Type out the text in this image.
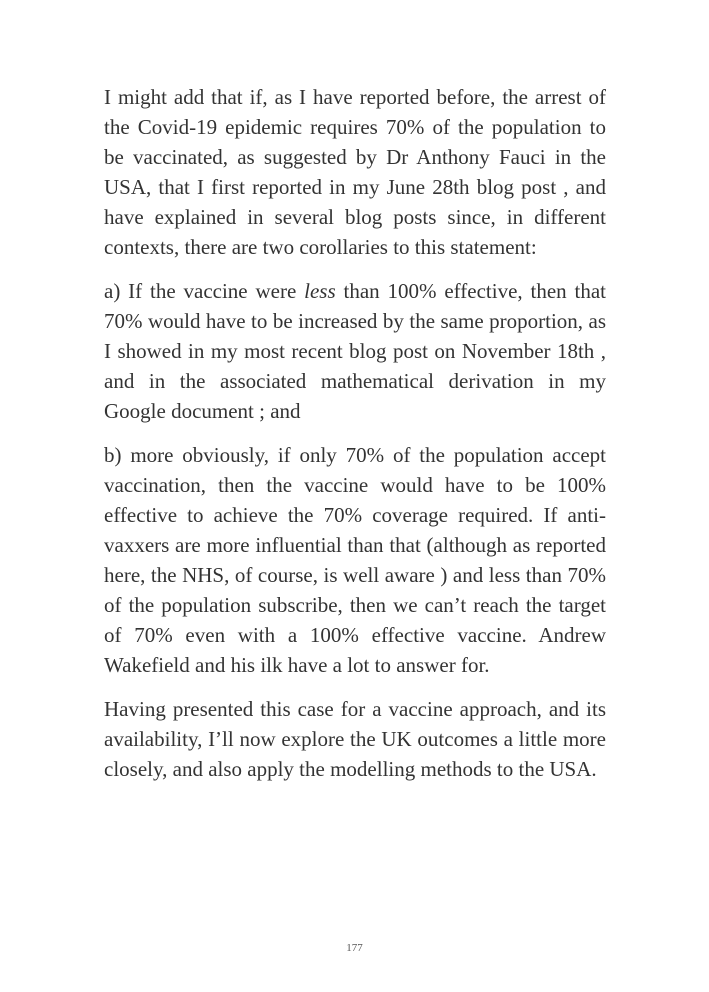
I might add that if, as I have reported before, the arrest of the Covid-19 epidemic requires 70% of the population to be vaccinated, as suggested by Dr Anthony Fauci in the USA, that I first reported in my June 28th blog post , and have explained in several blog posts since, in different contexts, there are two corollaries to this statement:

a) If the vaccine were less than 100% effective, then that 70% would have to be increased by the same proportion, as I showed in my most recent blog post on November 18th , and in the associated mathematical derivation in my Google document ; and

b) more obviously, if only 70% of the population accept vaccination, then the vaccine would have to be 100% effective to achieve the 70% coverage required. If anti-vaxxers are more influential than that (although as reported here, the NHS, of course, is well aware ) and less than 70% of the population subscribe, then we can’t reach the target of 70% even with a 100% effective vaccine. Andrew Wakefield and his ilk have a lot to answer for.

Having presented this case for a vaccine approach, and its availability, I’ll now explore the UK outcomes a little more closely, and also apply the modelling methods to the USA.

177
